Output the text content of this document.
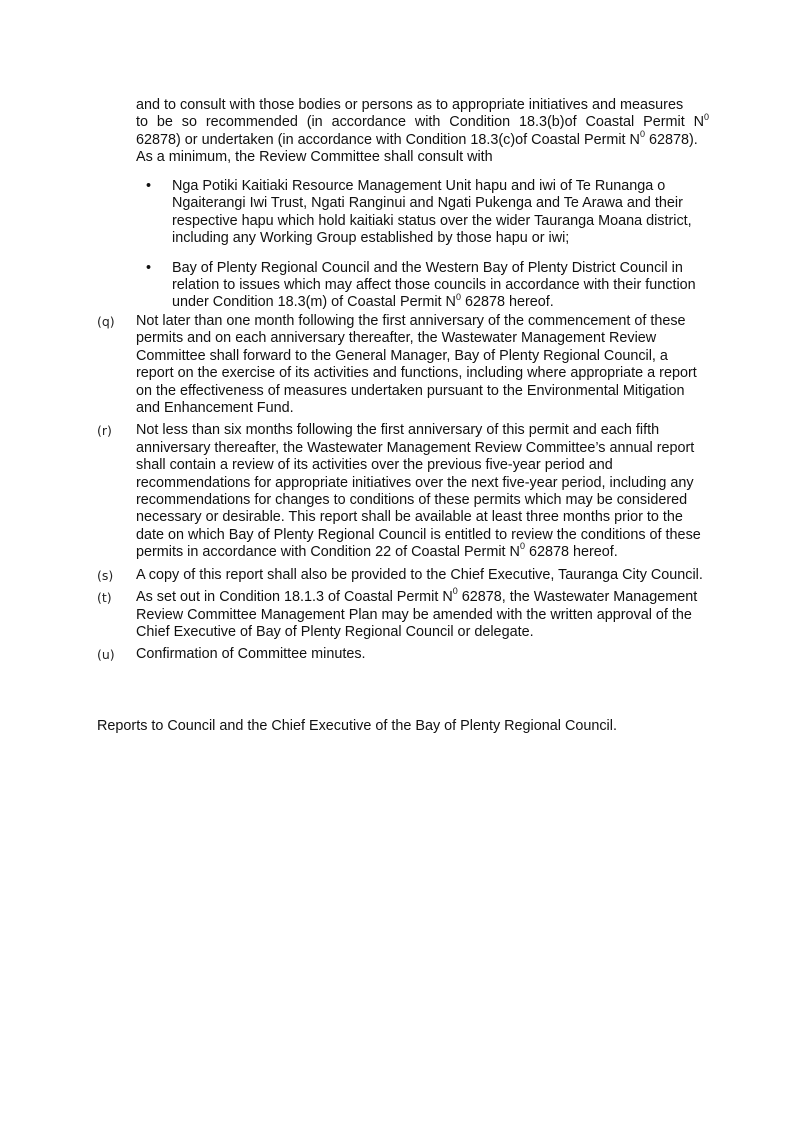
and to consult with those bodies or persons as to appropriate initiatives and measures
to be so recommended (in accordance with Condition 18.3(b)of Coastal Permit $N^0$
62878) or undertaken (in accordance with Condition 18.3(c)of Coastal Permit $N^0$ 62878).
As a minimum, the Review Committee shall consult with
• Nga Potiki Kaitiaki Resource Management Unit hapu and iwi of Te Runanga o Ngaiterangi Iwi Trust, Ngati Ranginui and Ngati Pukenga and Te Arawa and their respective hapu which hold kaitiaki status over the wider Tauranga Moana district, including any Working Group established by those hapu or iwi;
• Bay of Plenty Regional Council and the Western Bay of Plenty District Council in relation to issues which may affect those councils in accordance with their function under Condition 18.3(m) of Coastal Permit $N^0$ 62878 hereof.
(q) Not later than one month following the first anniversary of the commencement of these permits and on each anniversary thereafter, the Wastewater Management Review Committee shall forward to the General Manager, Bay of Plenty Regional Council, a report on the exercise of its activities and functions, including where appropriate a report on the effectiveness of measures undertaken pursuant to the Environmental Mitigation and Enhancement Fund.
(r) Not less than six months following the first anniversary of this permit and each fifth anniversary thereafter, the Wastewater Management Review Committee’s annual report shall contain a review of its activities over the previous five-year period and recommendations for appropriate initiatives over the next five-year period, including any recommendations for changes to conditions of these permits which may be considered necessary or desirable. This report shall be available at least three months prior to the date on which Bay of Plenty Regional Council is entitled to review the conditions of these permits in accordance with Condition 22 of Coastal Permit $N^0$ 62878 hereof.
(s) A copy of this report shall also be provided to the Chief Executive, Tauranga City Council.
(t) As set out in Condition 18.1.3 of Coastal Permit $N^0$ 62878, the Wastewater Management Review Committee Management Plan may be amended with the written approval of the Chief Executive of Bay of Plenty Regional Council or delegate.
(u) Confirmation of Committee minutes.

Reports to Council and the Chief Executive of the Bay of Plenty Regional Council.
